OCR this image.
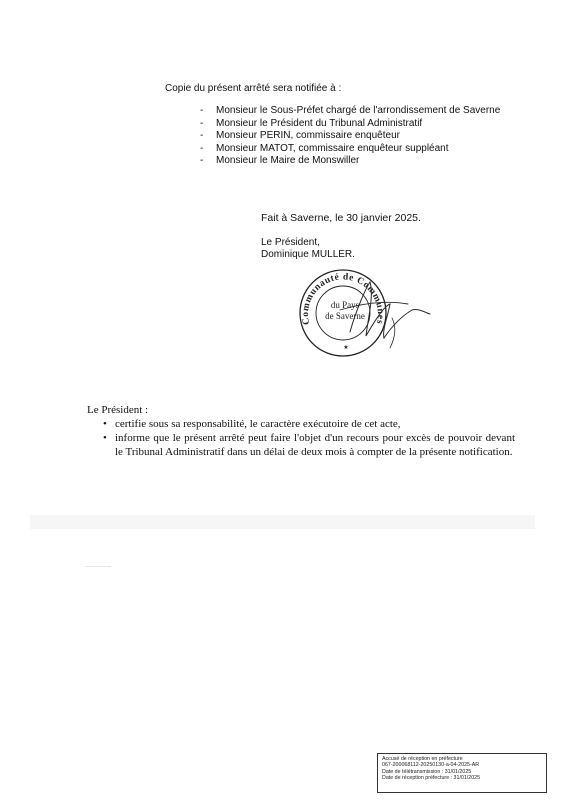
Copie du présent arrêté sera notifiée à :
- Monsieur le Sous-Préfet chargé de l'arrondissement de Saverne
- Monsieur le Président du Tribunal Administratif
- Monsieur PERIN, commissaire enquêteur
- Monsieur MATOT, commissaire enquêteur suppléant
- Monsieur le Maire de Monswiller
Fait à Saverne, le 30 janvier 2025.
Le Président,
Dominique MULLER.
Communauté de Communes
du Pays
de Saverne
★
Le Président :
• certifie sous sa responsabilité, le caractère exécutoire de cet acte,
• informe que le présent arrêté peut faire l'objet d'un recours pour excès de pouvoir devant le Tribunal Administratif dans un délai de deux mois à compter de la présente notification.
Accusé de réception en préfecture
067-200068112-20250130-a-04-2025-AR
Date de télétransmission : 31/01/2025
Date de réception préfecture : 31/01/2025
